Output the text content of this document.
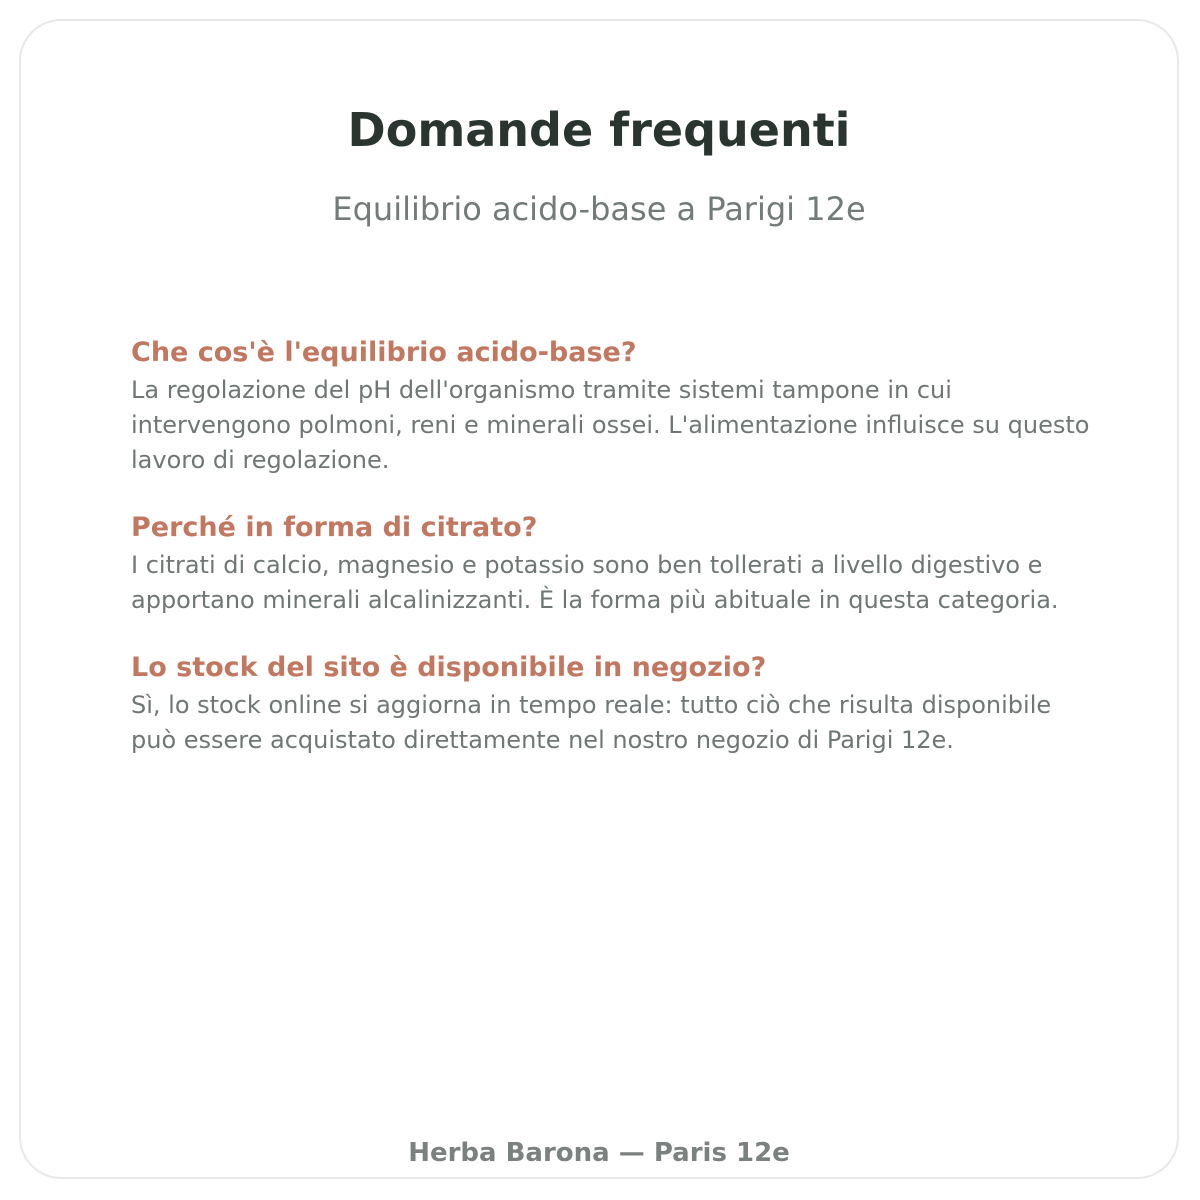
Domande frequenti
Equilibrio acido-base a Parigi 12e
Che cos'è l'equilibrio acido-base?
La regolazione del pH dell'organismo tramite sistemi tampone in cui intervengono polmoni, reni e minerali ossei. L'alimentazione influisce su questo lavoro di regolazione.
Perché in forma di citrato?
I citrati di calcio, magnesio e potassio sono ben tollerati a livello digestivo e apportano minerali alcalinizzanti. È la forma più abituale in questa categoria.
Lo stock del sito è disponibile in negozio?
Sì, lo stock online si aggiorna in tempo reale: tutto ciò che risulta disponibile può essere acquistato direttamente nel nostro negozio di Parigi 12e.
Herba Barona — Paris 12e
